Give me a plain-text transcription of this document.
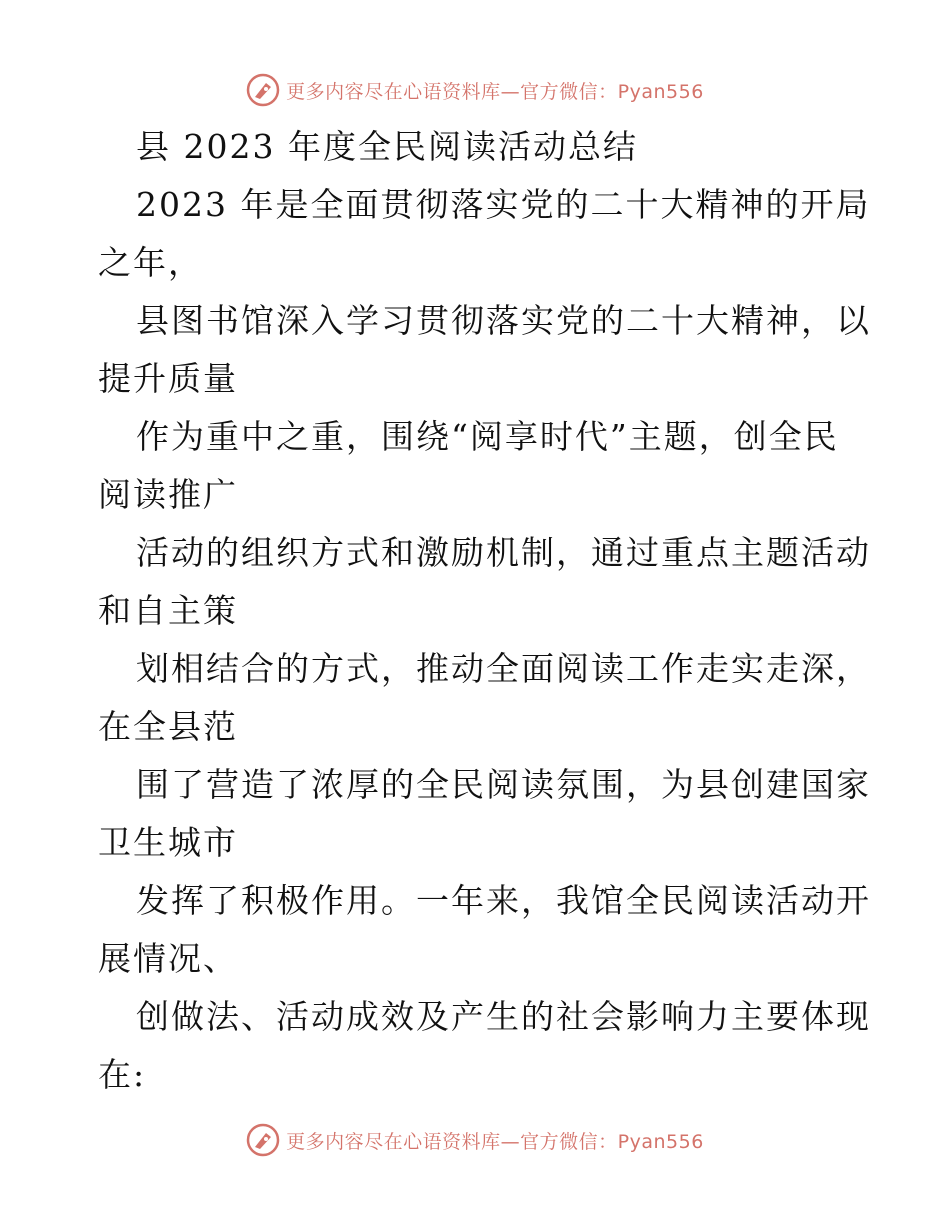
更多内容尽在心语资料库—官方微信：Pyan556
县 2023 年度全民阅读活动总结
2023 年是全面贯彻落实党的二十大精神的开局
之年，
县图书馆深入学习贯彻落实党的二十大精神，以
提升质量
作为重中之重，围绕“阅享时代”主题，创全民
阅读推广
活动的组织方式和激励机制，通过重点主题活动
和自主策
划相结合的方式，推动全面阅读工作走实走深，
在全县范
围了营造了浓厚的全民阅读氛围，为县创建国家
卫生城市
发挥了积极作用。一年来，我馆全民阅读活动开
展情况、
创做法、活动成效及产生的社会影响力主要体现
在:
更多内容尽在心语资料库—官方微信：Pyan556
